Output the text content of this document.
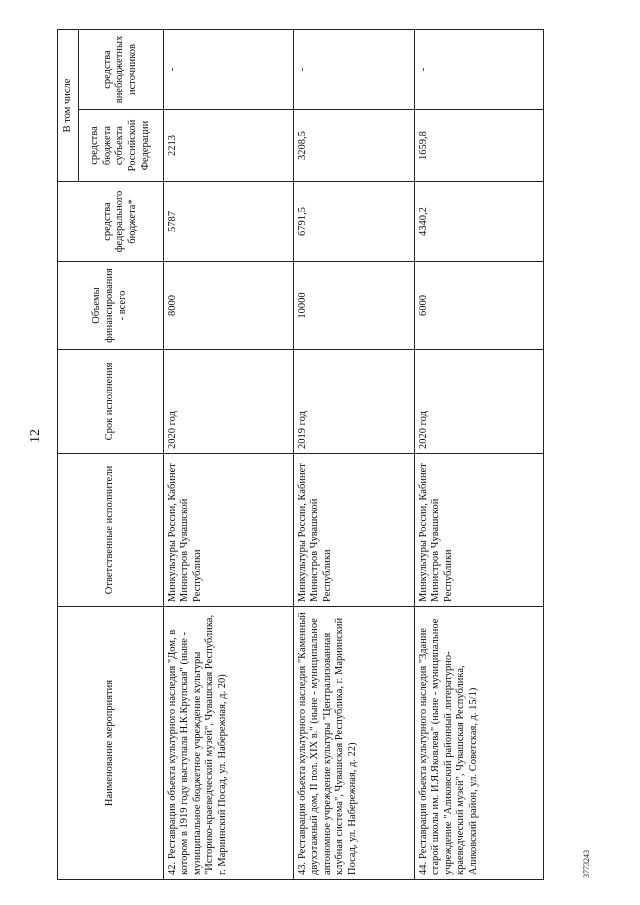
12
Наименование мероприятия	Ответственные исполнители	Срок исполнения	Объемы финансирования - всего		В том числе	
				средства федерального бюджета*	средства бюджета субъекта Российской Федерации	средства внебюджетных источников
42.Реставрация объекта культурного наследия "Дом, в котором в 1919 году выступала Н.К.Крупская" (ныне - муниципальное бюджетное учреждение культуры "Историко-краеведческий музей", Чувашская Республика, г. Мариинский Посад, ул. Набережная, д. 20)	Минкультуры России, Кабинет Министров Чувашской Республики	2020 год	8000	5787	2213	-
43.Реставрация объекта культурного наследия "Каменный двухэтажный дом, II пол. XIX в." (ныне - муниципальное автономное учреждение культуры "Централизованная клубная система", Чувашская Республика, г. Мариинский Посад, ул. Набережная, д. 22)	Минкультуры России, Кабинет Министров Чувашской Республики	2019 год	10000	6791,5	3208,5	-
44.Реставрация объекта культурного наследия "Здание старой школы им. И.Я.Яковлева" (ныне - муниципальное учреждение "Аликовский районный литературно-краеведческий музей", Чувашская Республика, Аликовский район, ул. Советская, д. 15/1)	Минкультуры России, Кабинет Министров Чувашской Республики	2020 год	6000	4340,2	1659,8	-
3773243
